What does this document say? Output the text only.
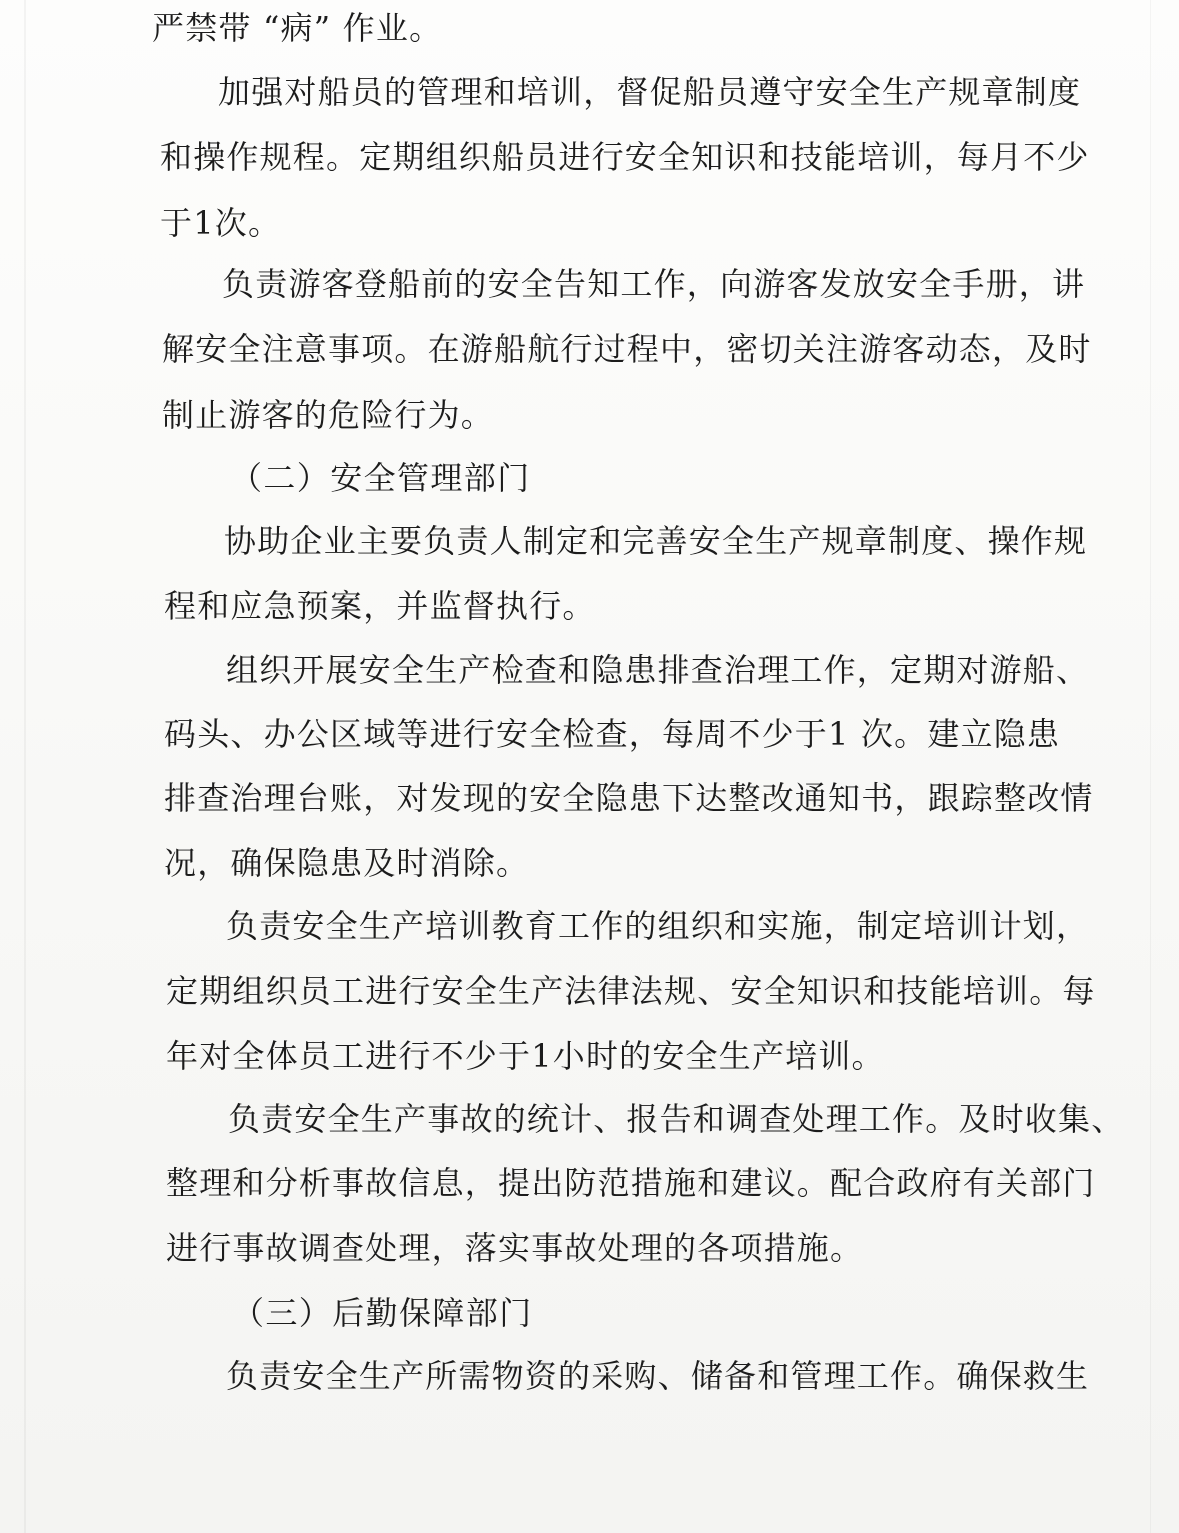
严禁带 “病” 作业。

加强对船员的管理和培训，督促船员遵守安全生产规章制度

和操作规程。定期组织船员进行安全知识和技能培训，每月不少

于1次。

负责游客登船前的安全告知工作，向游客发放安全手册，讲

解安全注意事项。在游船航行过程中，密切关注游客动态，及时

制止游客的危险行为。

（二）安全管理部门

协助企业主要负责人制定和完善安全生产规章制度、操作规

程和应急预案，并监督执行。

组织开展安全生产检查和隐患排查治理工作，定期对游船、

码头、办公区域等进行安全检查，每周不少于1 次。建立隐患

排查治理台账，对发现的安全隐患下达整改通知书，跟踪整改情

况，确保隐患及时消除。

负责安全生产培训教育工作的组织和实施，制定培训计划，

定期组织员工进行安全生产法律法规、安全知识和技能培训。每

年对全体员工进行不少于1小时的安全生产培训。

负责安全生产事故的统计、报告和调查处理工作。及时收集、

整理和分析事故信息，提出防范措施和建议。配合政府有关部门

进行事故调查处理，落实事故处理的各项措施。

（三）后勤保障部门

负责安全生产所需物资的采购、储备和管理工作。确保救生
